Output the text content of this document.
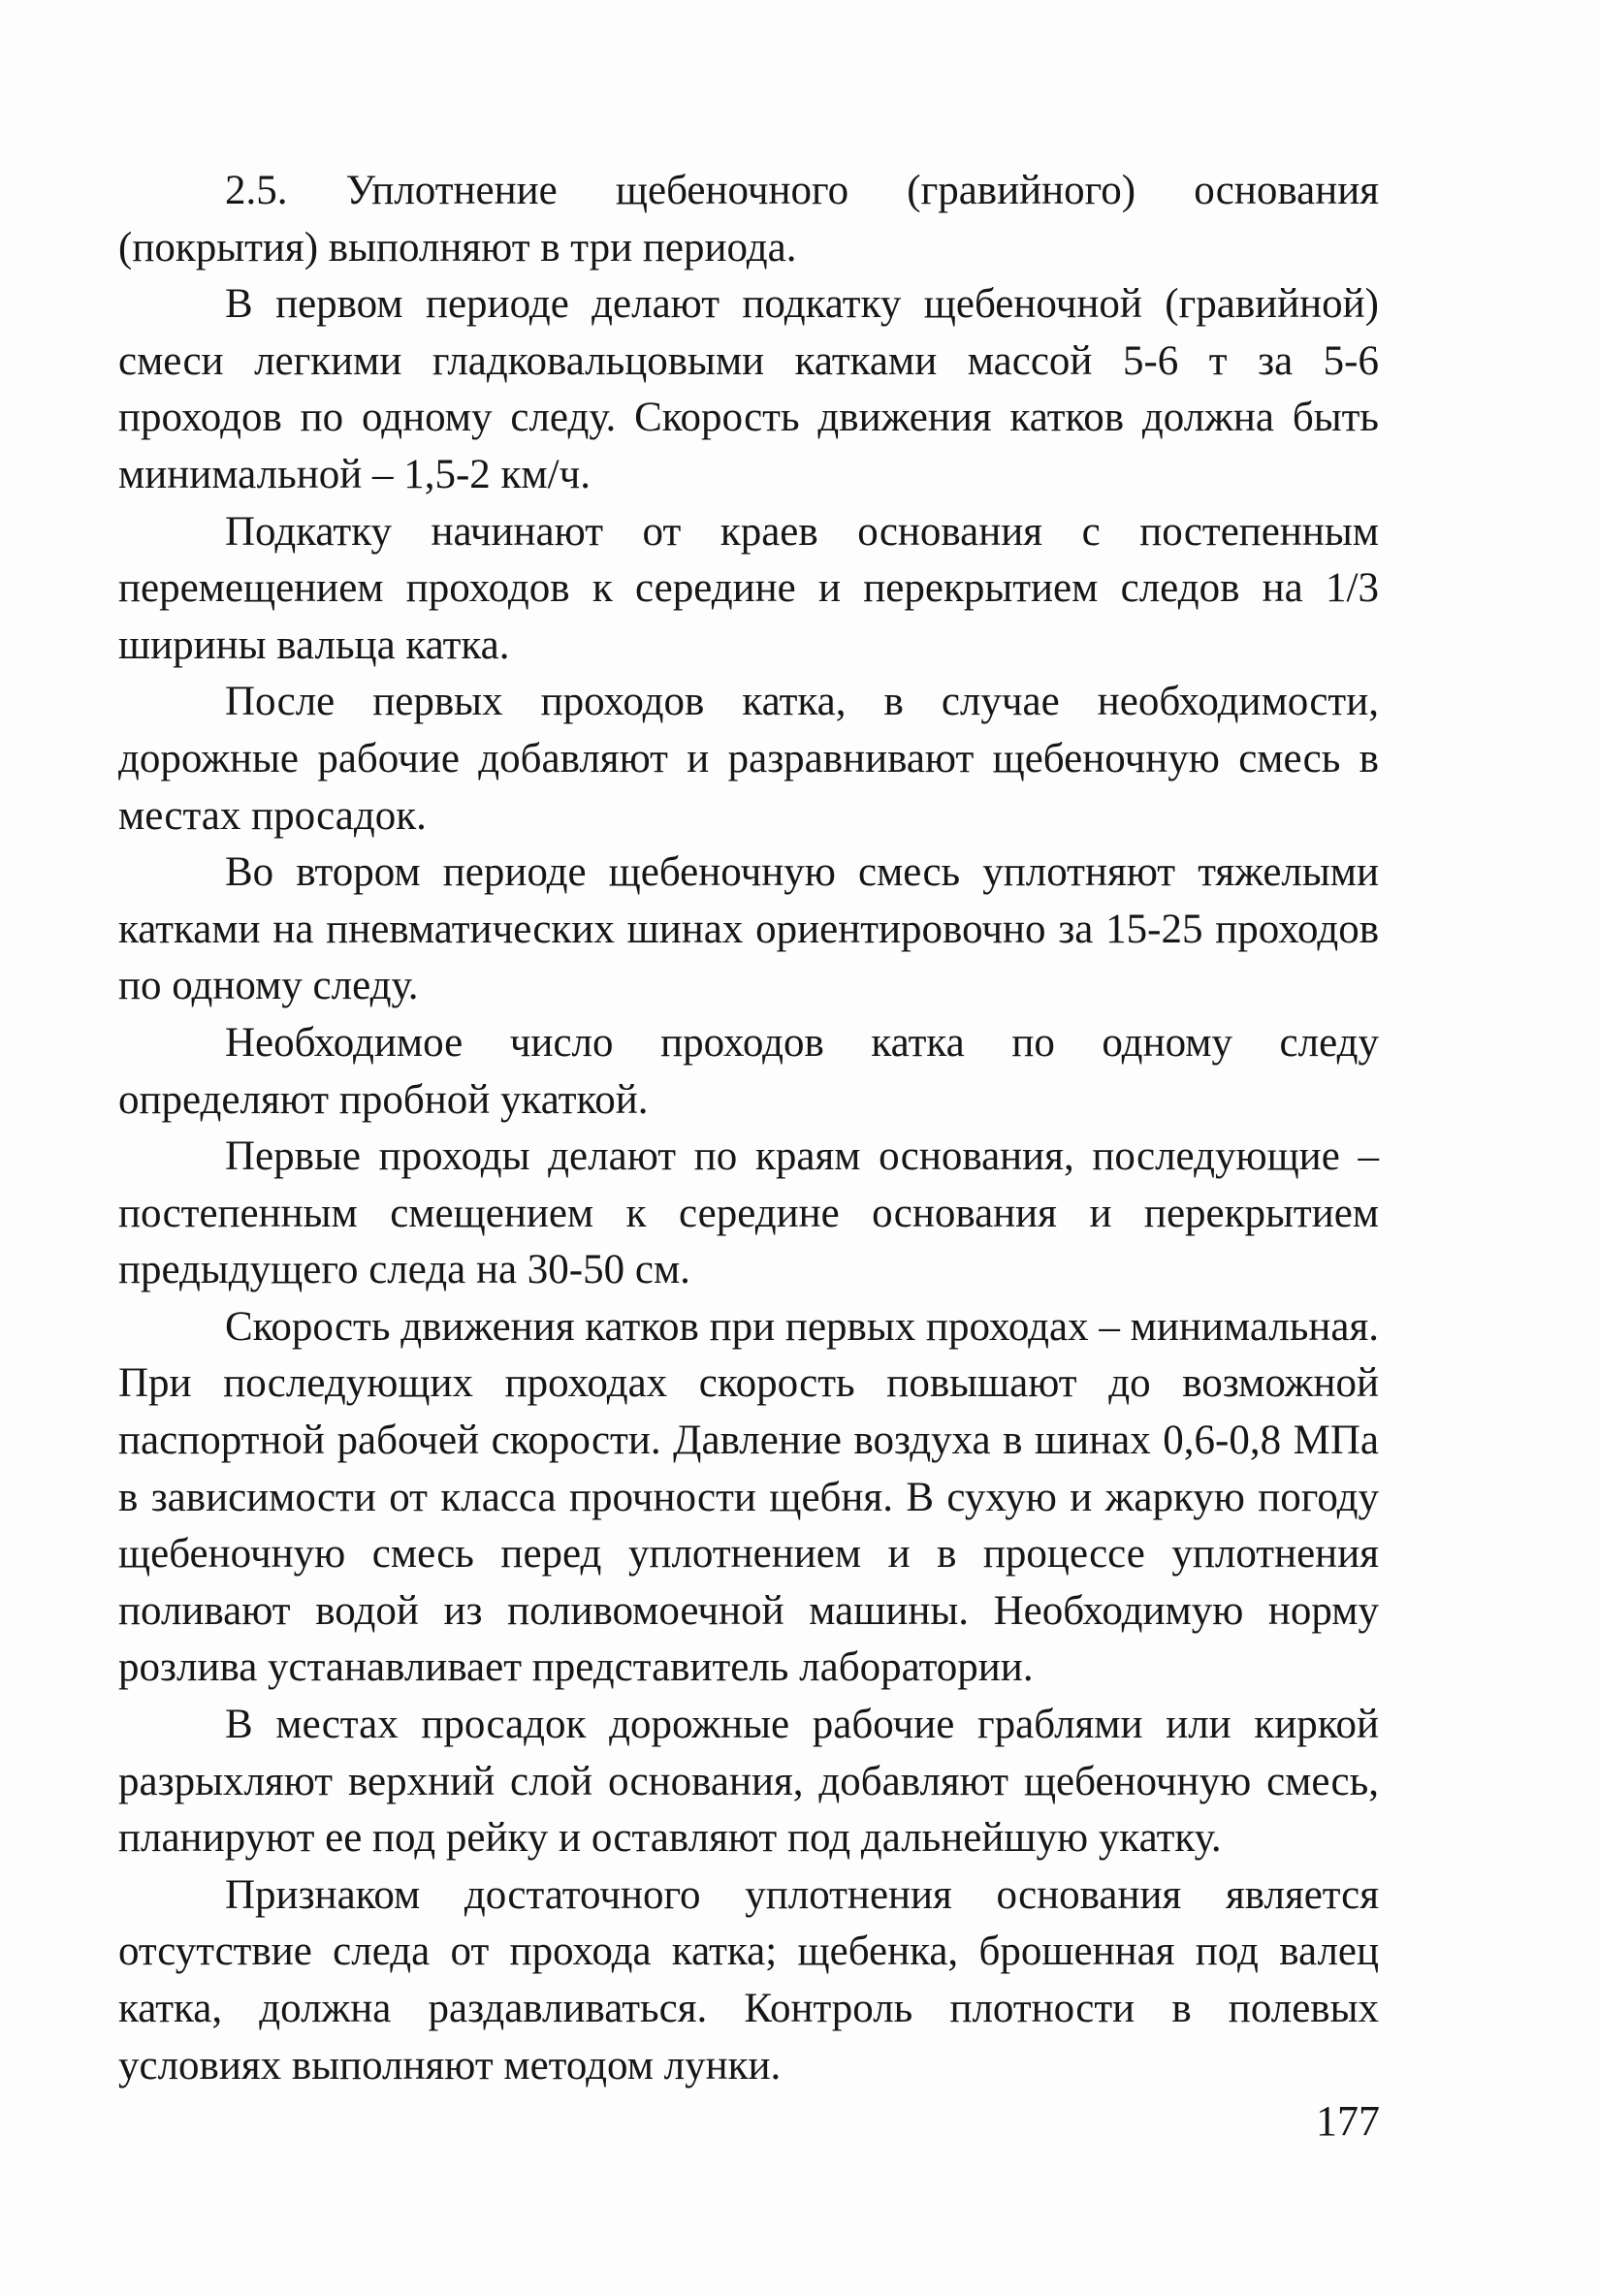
2.5. Уплотнение щебеночного (гравийного) основания (покрытия) выполняют в три периода.

В первом периоде делают подкатку щебеночной (гравийной) смеси легкими гладковальцовыми катками массой 5-6 т за 5-6 проходов по одному следу. Скорость движения катков должна быть минимальной – 1,5-2 км/ч.

Подкатку начинают от краев основания с постепенным перемещением проходов к середине и перекрытием следов на 1/3 ширины вальца катка.

После первых проходов катка, в случае необходимости, дорожные рабочие добавляют и разравнивают щебеночную смесь в местах просадок.

Во втором периоде щебеночную смесь уплотняют тяжелыми катками на пневматических шинах ориентировочно за 15-25 проходов по одному следу.

Необходимое число проходов катка по одному следу определяют пробной укаткой.

Первые проходы делают по краям основания, последующие – постепенным смещением к середине основания и перекрытием предыдущего следа на 30-50 см.

Скорость движения катков при первых проходах – минимальная. При последующих проходах скорость повышают до возможной паспортной рабочей скорости. Давление воздуха в шинах 0,6-0,8 МПа в зависимости от класса прочности щебня. В сухую и жаркую погоду щебеночную смесь перед уплотнением и в процессе уплотнения поливают водой из поливомоечной машины. Необходимую норму розлива устанавливает представитель лаборатории.

В местах просадок дорожные рабочие граблями или киркой разрыхляют верхний слой основания, добавляют щебеночную смесь, планируют ее под рейку и оставляют под дальнейшую укатку.

Признаком достаточного уплотнения основания является отсутствие следа от прохода катка; щебенка, брошенная под валец катка, должна раздавливаться. Контроль плотности в полевых условиях выполняют методом лунки.

177
